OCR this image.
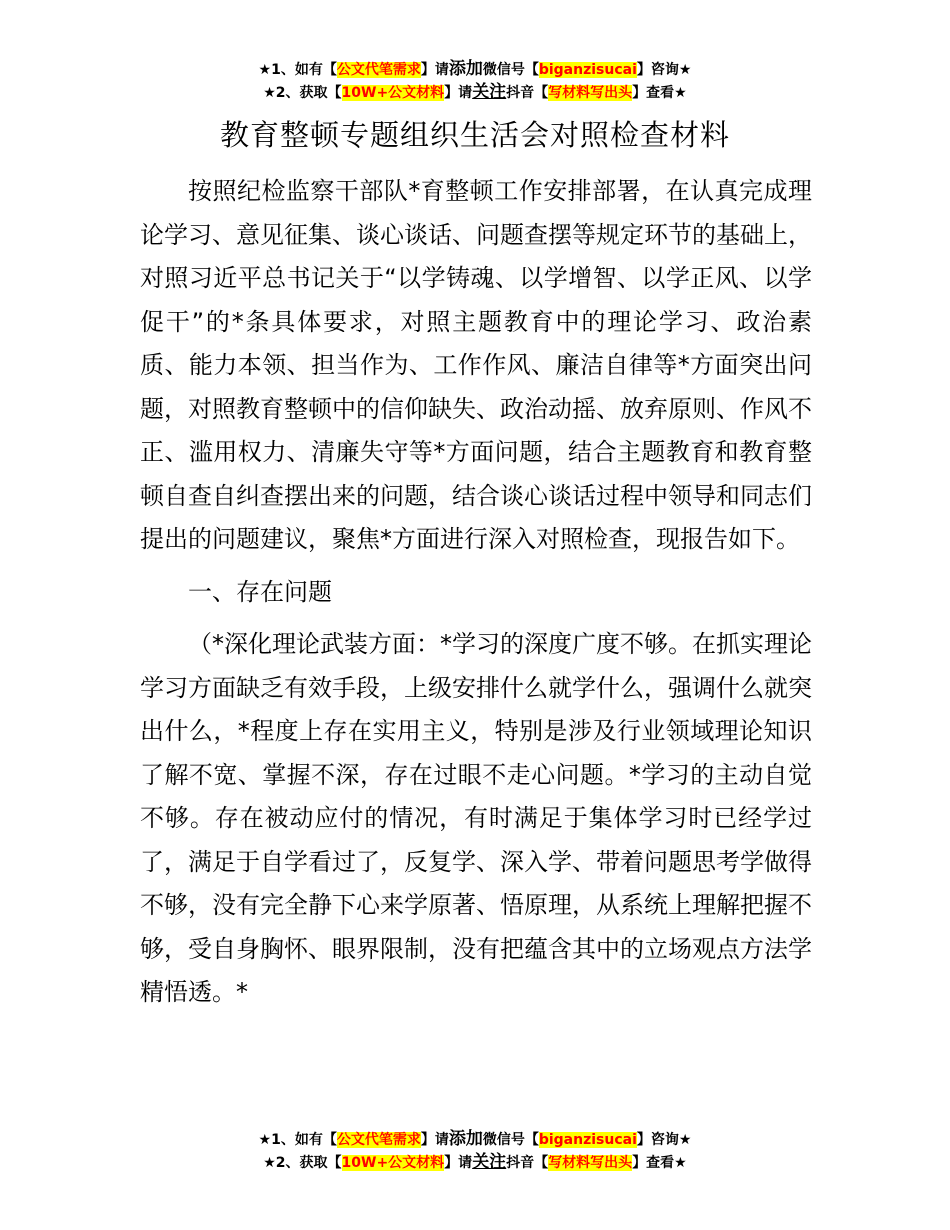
★1、如有【公文代笔需求】请添加微信号【biganzisucai】咨询★
★2、获取【10W+公文材料】请关注抖音【写材料写出头】查看★
教育整顿专题组织生活会对照检查材料

按照纪检监察干部队*育整顿工作安排部署，在认真完成理论学习、意见征集、谈心谈话、问题查摆等规定环节的基础上，对照习近平总书记关于“以学铸魂、以学增智、以学正风、以学促干”的*条具体要求，对照主题教育中的理论学习、政治素质、能力本领、担当作为、工作作风、廉洁自律等*方面突出问题，对照教育整顿中的信仰缺失、政治动摇、放弃原则、作风不正、滥用权力、清廉失守等*方面问题，结合主题教育和教育整顿自查自纠查摆出来的问题，结合谈心谈话过程中领导和同志们提出的问题建议，聚焦*方面进行深入对照检查，现报告如下。

一、存在问题

（*深化理论武装方面：*学习的深度广度不够。在抓实理论学习方面缺乏有效手段，上级安排什么就学什么，强调什么就突出什么，*程度上存在实用主义，特别是涉及行业领域理论知识了解不宽、掌握不深，存在过眼不走心问题。*学习的主动自觉不够。存在被动应付的情况，有时满足于集体学习时已经学过了，满足于自学看过了，反复学、深入学、带着问题思考学做得不够，没有完全静下心来学原著、悟原理，从系统上理解把握不够，受自身胸怀、眼界限制，没有把蕴含其中的立场观点方法学精悟透。*

★1、如有【公文代笔需求】请添加微信号【biganzisucai】咨询★
★2、获取【10W+公文材料】请关注抖音【写材料写出头】查看★
